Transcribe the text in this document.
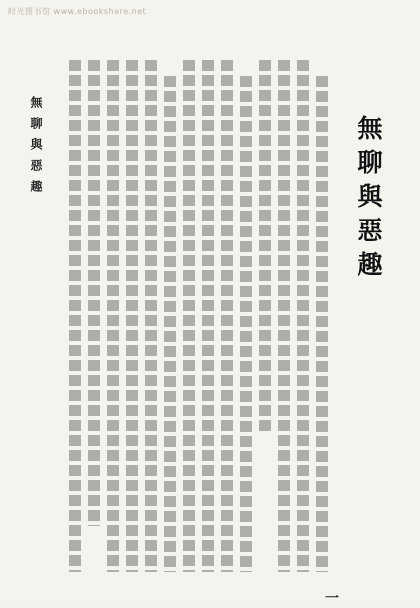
时光图书馆 www.ebookshare.net
無聊與惡趣
無聊與惡趣
一
